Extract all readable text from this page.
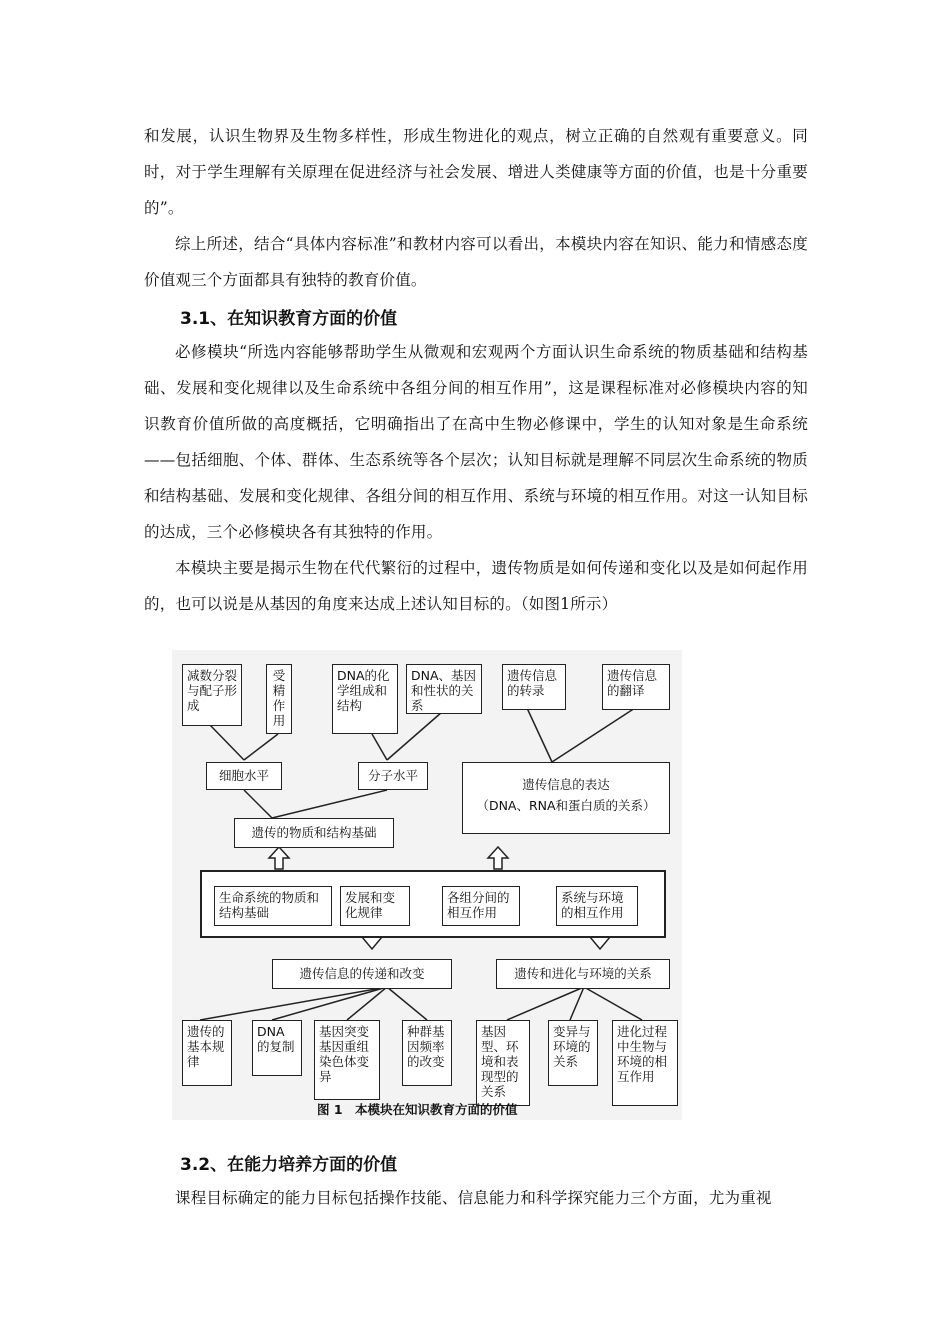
和发展，认识生物界及生物多样性，形成生物进化的观点，树立正确的自然观有重要意义。同时，对于学生理解有关原理在促进经济与社会发展、增进人类健康等方面的价值，也是十分重要的”。
综上所述，结合“具体内容标准”和教材内容可以看出，本模块内容在知识、能力和情感态度价值观三个方面都具有独特的教育价值。
3.1、在知识教育方面的价值
必修模块“所选内容能够帮助学生从微观和宏观两个方面认识生命系统的物质基础和结构基础、发展和变化规律以及生命系统中各组分间的相互作用”，这是课程标准对必修模块内容的知识教育价值所做的高度概括，它明确指出了在高中生物必修课中，学生的认知对象是生命系统——包括细胞、个体、群体、生态系统等各个层次；认知目标就是理解不同层次生命系统的物质和结构基础、发展和变化规律、各组分间的相互作用、系统与环境的相互作用。对这一认知目标的达成，三个必修模块各有其独特的作用。
本模块主要是揭示生物在代代繁衍的过程中，遗传物质是如何传递和变化以及是如何起作用的，也可以说是从基因的角度来达成上述认知目标的。（如图1所示）
减数分裂与配子形成
受精作用
DNA的化学组成和结构
DNA、基因和性状的关系
遗传信息的转录
遗传信息的翻译
细胞水平	分子水平
遗传信息的表达
（DNA、RNA和蛋白质的关系）
遗传的物质和结构基础
生命系统的物质和结构基础
发展和变化规律
各组分间的相互作用
系统与环境的相互作用
遗传信息的传递和改变	遗传和进化与环境的关系
遗传的基本规律
DNA的复制
基因突变基因重组染色体变异
种群基因频率的改变
基因型、环境和表现型的关系
变异与环境的关系
进化过程中生物与环境的相互作用
图 1　本模块在知识教育方面的价值
3.2、在能力培养方面的价值
课程目标确定的能力目标包括操作技能、信息能力和科学探究能力三个方面，尤为重视
